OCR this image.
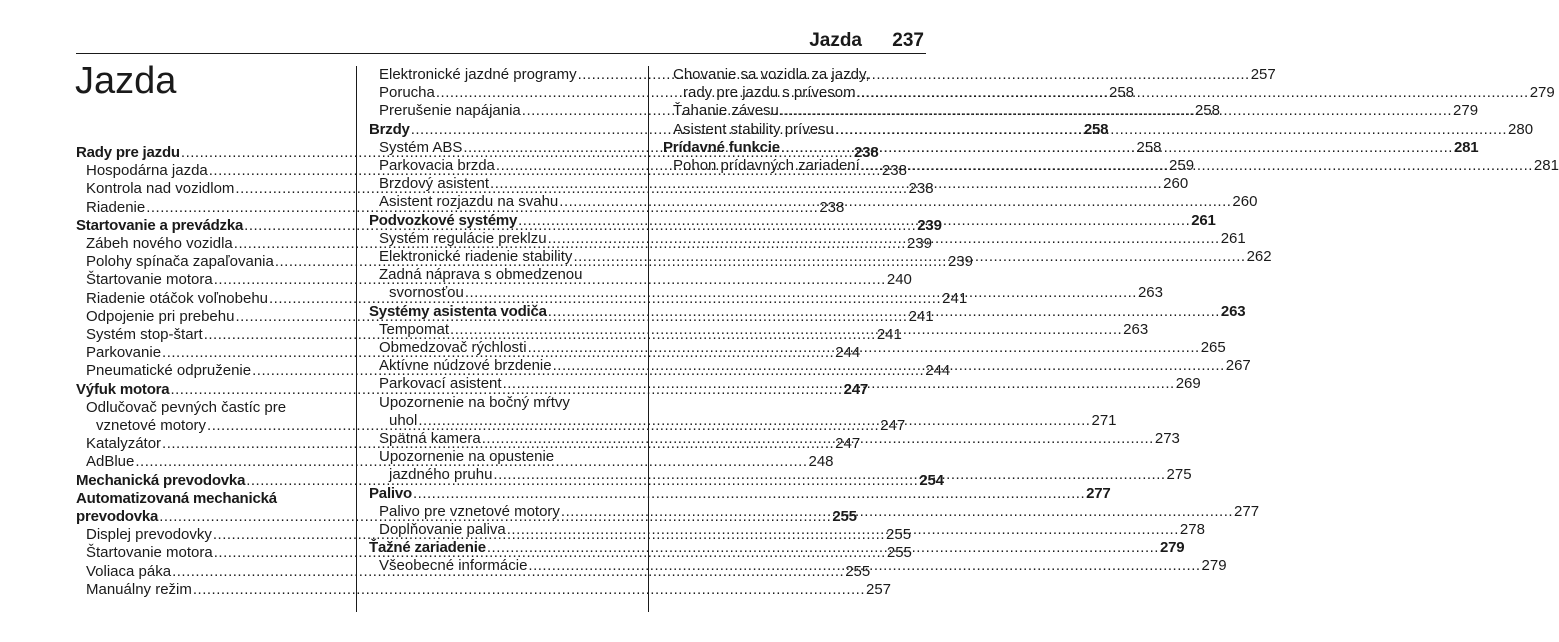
Jazda 237
Jazda
Rady pre jazdu .....	238
Hospodárna jazda .....	238
Kontrola nad vozidlom .....	238
Riadenie .....	238
Startovanie a prevádzka .....	239
Zábeh nového vozidla .....	239
Polohy spínača zapaľovania .....	239
Štartovanie motora .....	240
Riadenie otáčok voľnobehu .....	241
Odpojenie pri prebehu .....	241
Systém stop-štart .....	241
Parkovanie .....	244
Pneumatické odpruženie .....	244
Výfuk motora .....	247
Odlučovač pevných častíc pre
vznetové motory .....	247
Katalyzátor .....	247
AdBlue .....	248
Mechanická prevodovka .....	254
Automatizovaná mechanická
prevodovka .....	255
Displej prevodovky .....	255
Štartovanie motora .....	255
Voliaca páka .....	255
Manuálny režim .....	257
Elektronické jazdné programy .....	257
Porucha .....	258
Prerušenie napájania .....	258
Brzdy .....	258
Systém ABS .....	258
Parkovacia brzda .....	259
Brzdový asistent .....	260
Asistent rozjazdu na svahu .....	260
Podvozkové systémy .....	261
Systém regulácie preklzu .....	261
Elektronické riadenie stability .....	262
Zadná náprava s obmedzenou
svornosťou .....	263
Systémy asistenta vodiča .....	263
Tempomat .....	263
Obmedzovač rýchlosti .....	265
Aktívne núdzové brzdenie .....	267
Parkovací asistent .....	269
Upozornenie na bočný mŕtvy
uhol .....	271
Spätná kamera .....	273
Upozornenie na opustenie
jazdného pruhu .....	275
Palivo .....	277
Palivo pre vznetové motory .....	277
Doplňovanie paliva .....	278
Ťažné zariadenie .....	279
Všeobecné informácie .....	279
Chovanie sa vozidla za jazdy,
rady pre jazdu s prívesom .....	279
Ťahanie závesu .....	279
Asistent stability prívesu .....	280
Prídavné funkcie .....	281
Pohon prídavných zariadení .....	281
